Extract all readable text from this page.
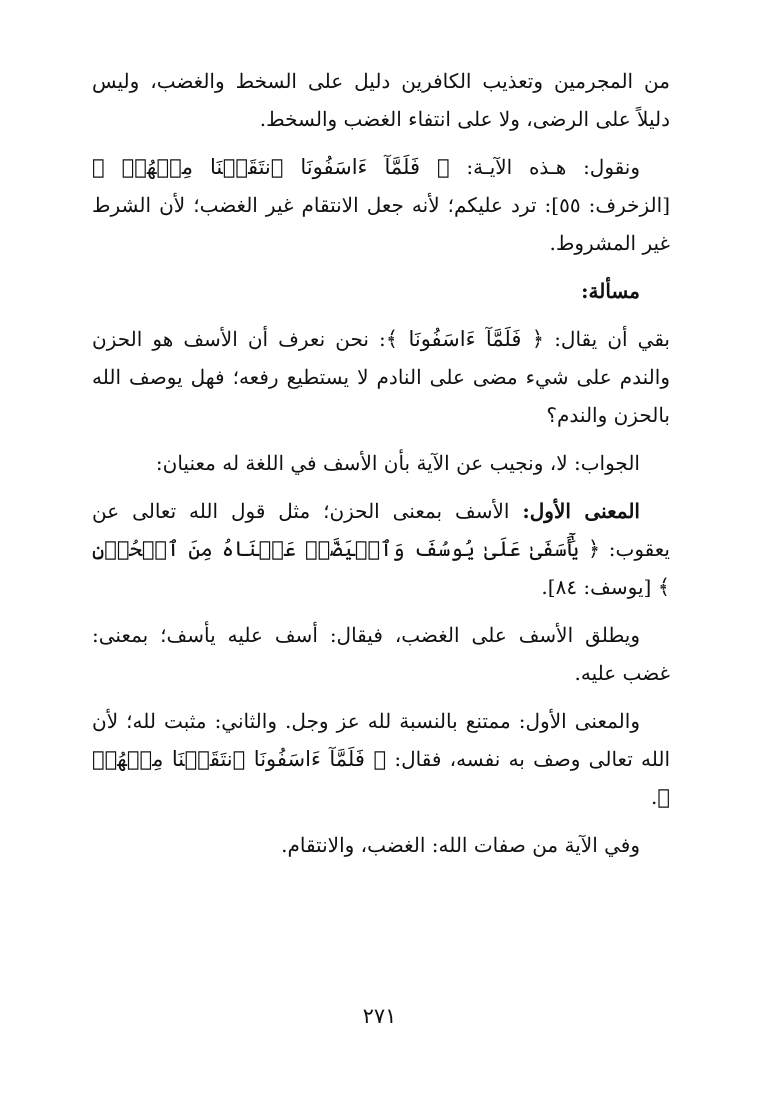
من المجرمين وتعذيب الكافرين دليل على السخط والغضب، وليس دليلاً على الرضى، ولا على انتفاء الغضب والسخط.

ونقول: هـذه الآيـة: ﴿ فَلَمَّآ ءَاسَفُونَا ٱنتَقَمۡنَا مِنۡهُمۡ ﴾ [الزخرف: ٥٥]: ترد عليكم؛ لأنه جعل الانتقام غير الغضب؛ لأن الشرط غير المشروط.

مسألة:

بقي أن يقال: ﴿ فَلَمَّآ ءَاسَفُونَا ﴾: نحن نعرف أن الأسف هو الحزن والندم على شيء مضى على النادم لا يستطيع رفعه؛ فهل يوصف الله بالحزن والندم؟

الجواب: لا، ونجيب عن الآية بأن الأسف في اللغة له معنيان:

المعنى الأول: الأسف بمعنى الحزن؛ مثل قول الله تعالى عن يعقوب: ﴿ يَٰٓأَسَفَىٰ عَلَىٰ يُوسُفَ وَٱبۡيَضَّتۡ عَيۡنَاهُ مِنَ ٱلۡحُزۡنِ ﴾ [يوسف: ٨٤].

ويطلق الأسف على الغضب، فيقال: أسف عليه يأسف؛ بمعنى: غضب عليه.

والمعنى الأول: ممتنع بالنسبة لله عز وجل. والثاني: مثبت لله؛ لأن الله تعالى وصف به نفسه، فقال: ﴿ فَلَمَّآ ءَاسَفُونَا ٱنتَقَمۡنَا مِنۡهُمۡ ﴾.

وفي الآية من صفات الله: الغضب، والانتقام.

٢٧١
